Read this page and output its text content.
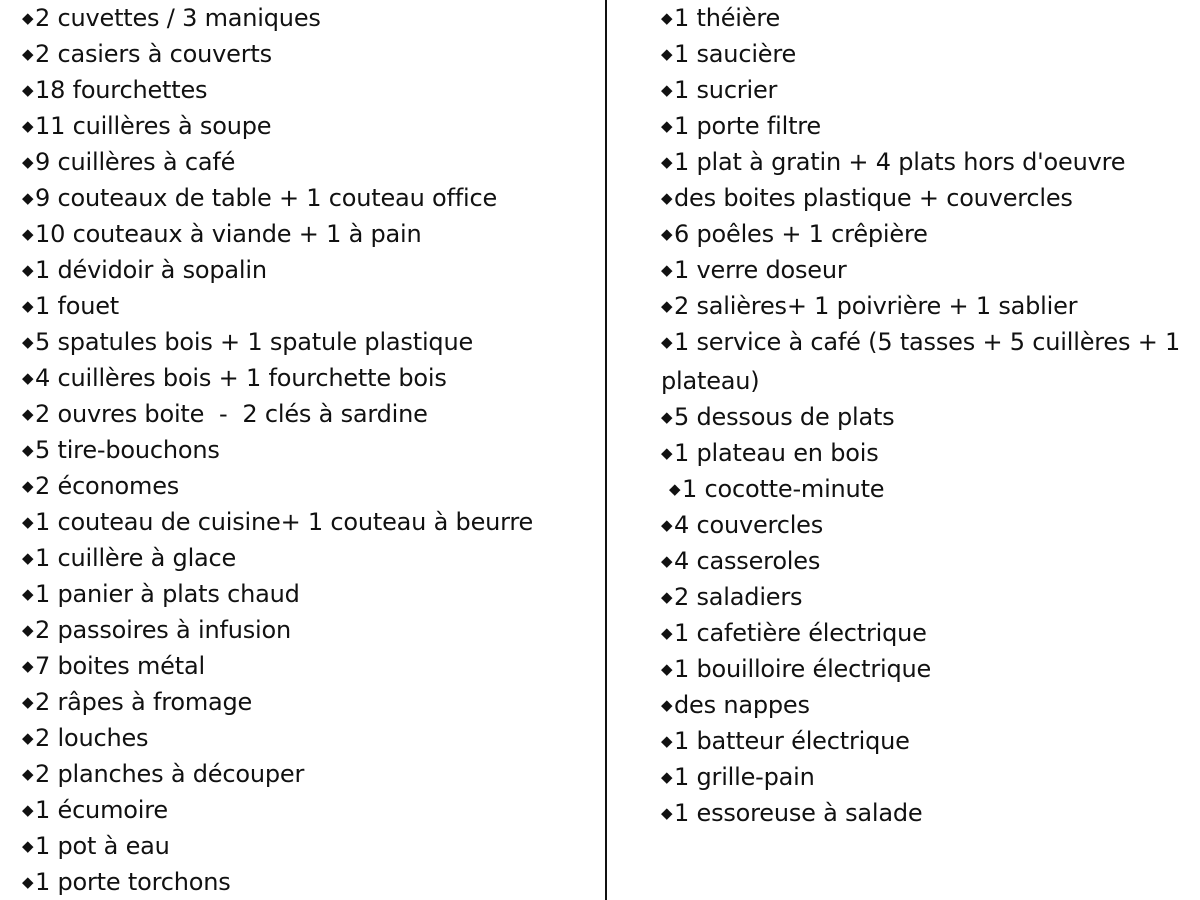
◆ 2 cuvettes / 3 maniques
◆ 2 casiers à couverts
◆ 18 fourchettes
◆ 11 cuillères à soupe
◆ 9 cuillères à café
◆ 9 couteaux de table + 1 couteau office
◆ 10 couteaux à viande + 1 à pain
◆ 1 dévidoir à sopalin
◆ 1 fouet
◆ 5 spatules bois + 1 spatule plastique
◆ 4 cuillères bois + 1 fourchette bois
◆ 2 ouvres boite  -  2 clés à sardine
◆ 5 tire-bouchons
◆ 2 économes
◆ 1 couteau de cuisine+ 1 couteau à beurre
◆ 1 cuillère à glace
◆ 1 panier à plats chaud
◆ 2 passoires à infusion
◆ 7 boites métal
◆ 2 râpes à fromage
◆ 2 louches
◆ 2 planches à découper
◆ 1 écumoire
◆ 1 pot à eau
◆ 1 porte torchons
◆ 1 théière
◆ 1 saucière
◆ 1 sucrier
◆ 1 porte filtre
◆ 1 plat à gratin + 4 plats hors d'oeuvre
◆ des boites plastique + couvercles
◆ 6 poêles + 1 crêpière
◆ 1 verre doseur
◆ 2 salières+ 1 poivrière + 1 sablier
◆1 service à café (5 tasses + 5 cuillères + 1 plateau)
◆ 5 dessous de plats
◆ 1 plateau en bois
◆ 1 cocotte-minute
◆ 4 couvercles
◆ 4 casseroles
◆ 2 saladiers
◆ 1 cafetière électrique
◆ 1 bouilloire électrique
◆ des nappes
◆ 1 batteur électrique
◆ 1 grille-pain
◆ 1 essoreuse à salade
